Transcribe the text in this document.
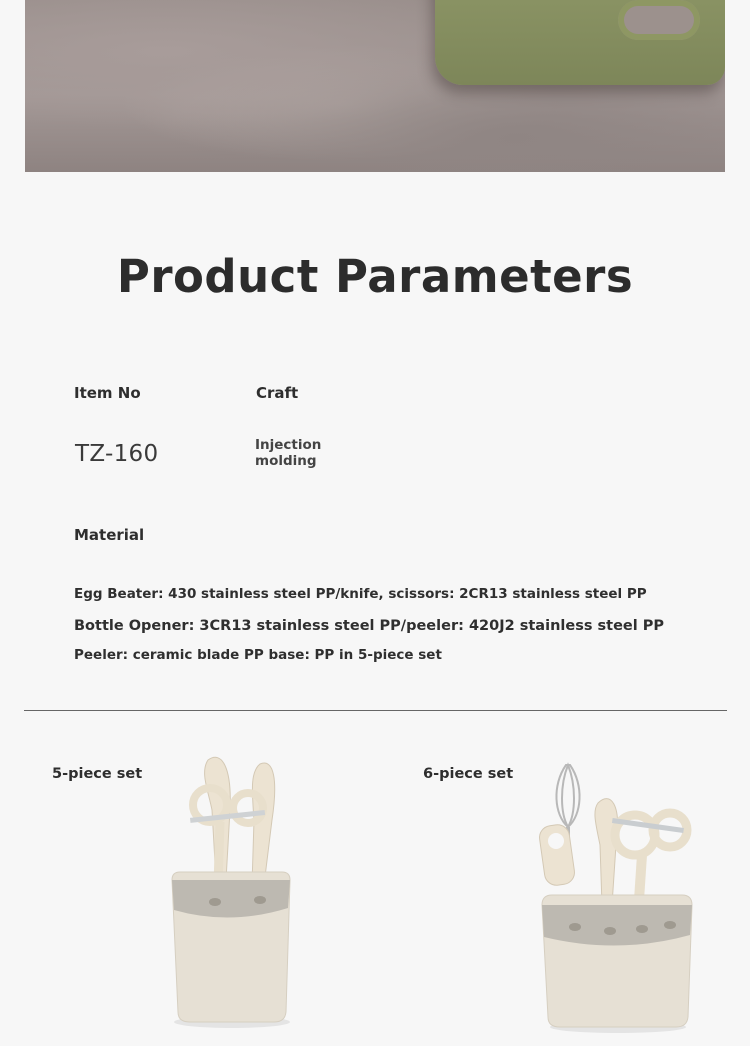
Product Parameters
Item No	Craft
TZ-160	Injection
molding
Material
Egg Beater: 430 stainless steel PP/knife, scissors: 2CR13 stainless steel PP
Bottle Opener: 3CR13 stainless steel PP/peeler: 420J2 stainless steel PP
Peeler: ceramic blade PP base: PP in 5-piece set
5-piece set	6-piece set
